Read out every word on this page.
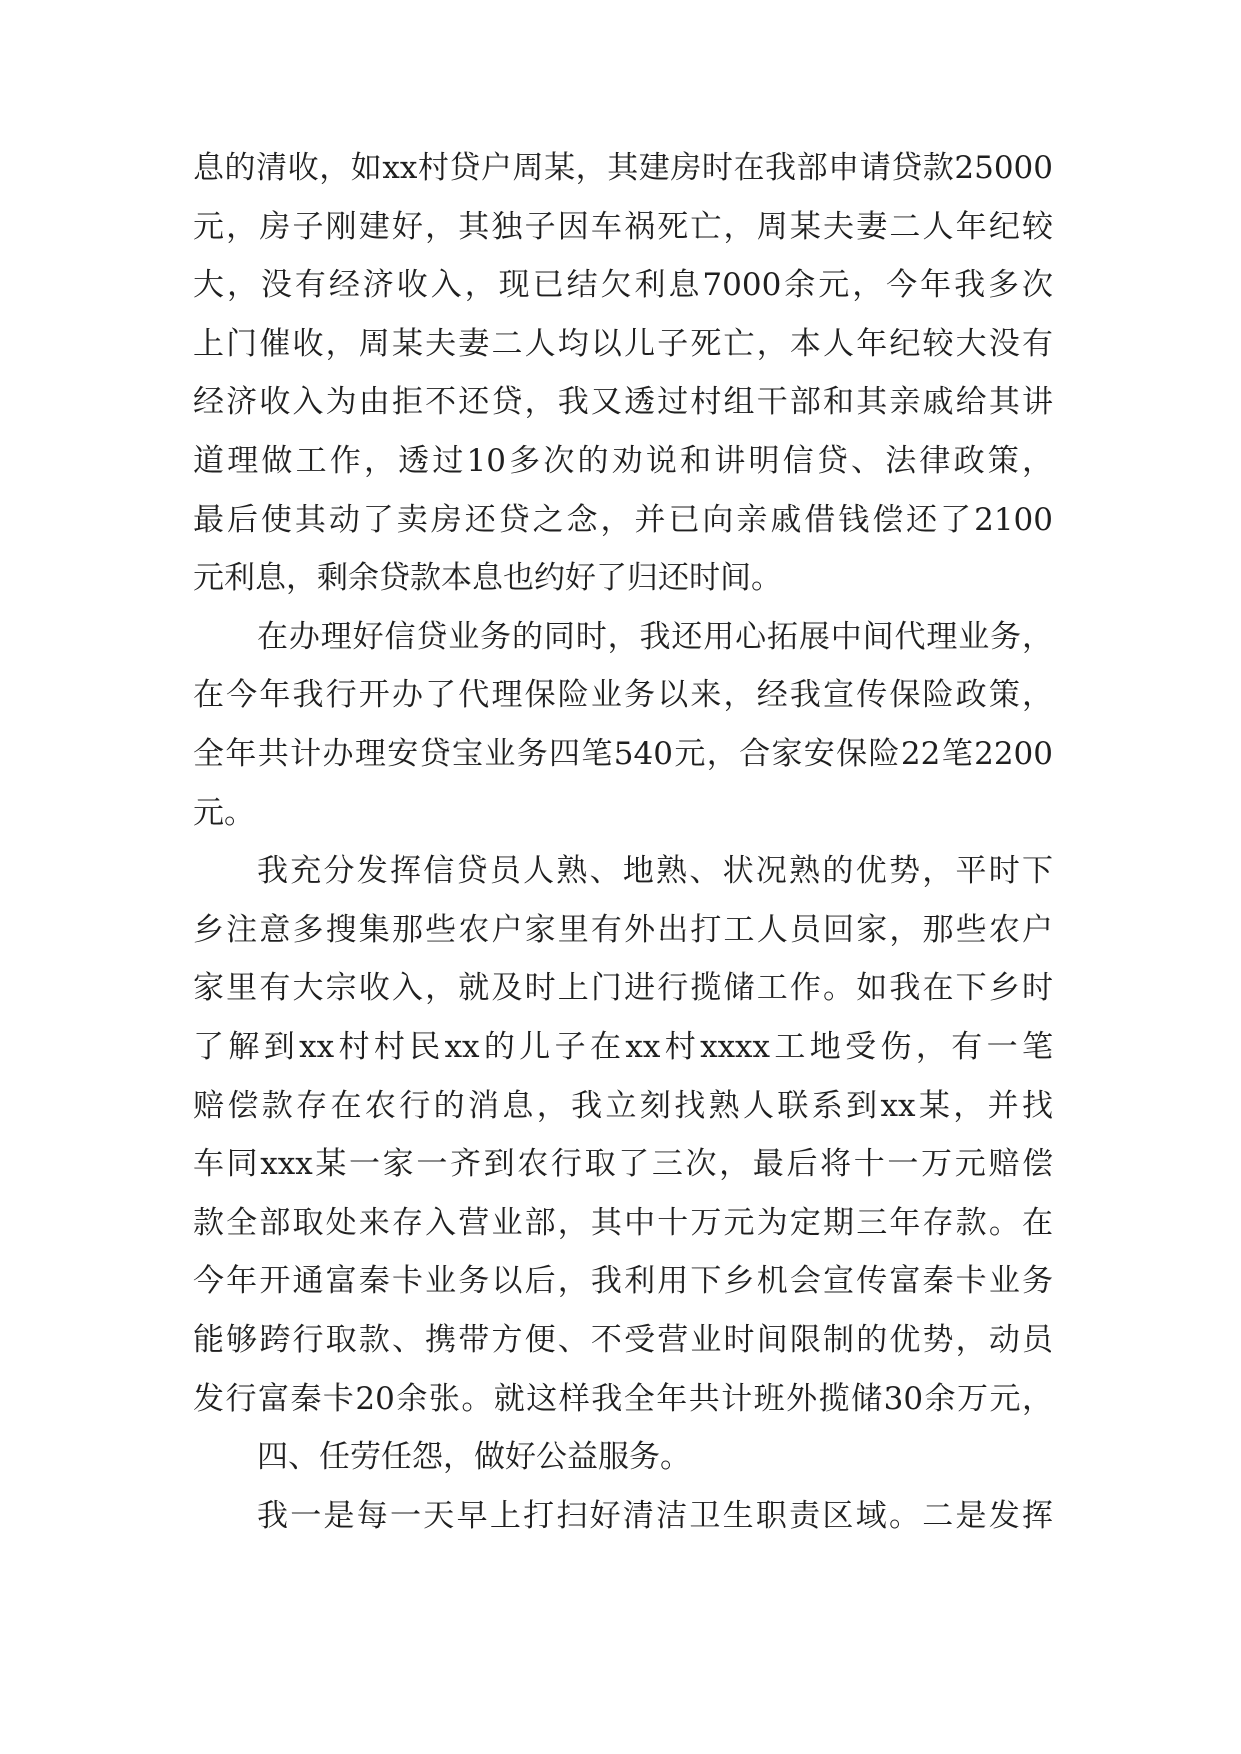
息的清收，如xx村贷户周某，其建房时在我部申请贷款25000
元，房子刚建好，其独子因车祸死亡，周某夫妻二人年纪较
大，没有经济收入，现已结欠利息7000余元，今年我多次
上门催收，周某夫妻二人均以儿子死亡，本人年纪较大没有
经济收入为由拒不还贷，我又透过村组干部和其亲戚给其讲
道理做工作，透过10多次的劝说和讲明信贷、法律政策，
最后使其动了卖房还贷之念，并已向亲戚借钱偿还了2100
元利息，剩余贷款本息也约好了归还时间。
在办理好信贷业务的同时，我还用心拓展中间代理业务，
在今年我行开办了代理保险业务以来，经我宣传保险政策，
全年共计办理安贷宝业务四笔540元，合家安保险22笔2200
元。
我充分发挥信贷员人熟、地熟、状况熟的优势，平时下
乡注意多搜集那些农户家里有外出打工人员回家，那些农户
家里有大宗收入，就及时上门进行揽储工作。如我在下乡时
了解到xx村村民xx的儿子在xx村xxxx工地受伤，有一笔
赔偿款存在农行的消息，我立刻找熟人联系到xx某，并找
车同xxx某一家一齐到农行取了三次，最后将十一万元赔偿
款全部取处来存入营业部，其中十万元为定期三年存款。在
今年开通富秦卡业务以后，我利用下乡机会宣传富秦卡业务
能够跨行取款、携带方便、不受营业时间限制的优势，动员
发行富秦卡20余张。就这样我全年共计班外揽储30余万元，
四、任劳任怨，做好公益服务。
我一是每一天早上打扫好清洁卫生职责区域。二是发挥
